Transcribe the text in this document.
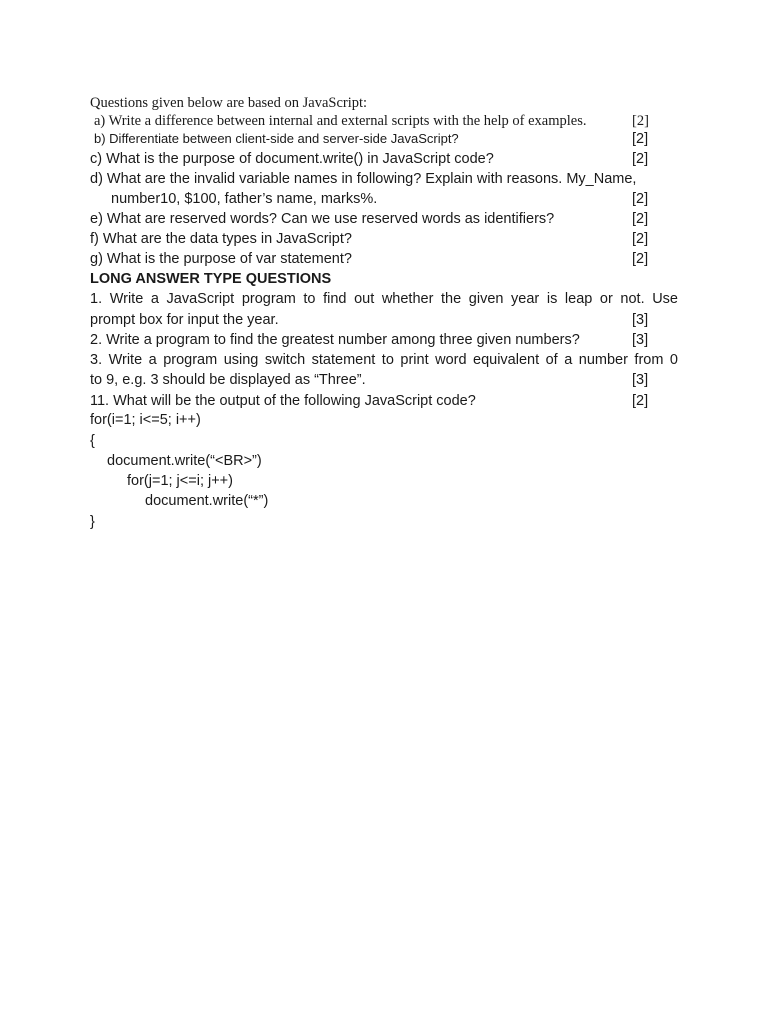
Questions given below are based on JavaScript:
a) Write a difference between internal and external scripts with the help of examples.	[2]
b) Differentiate between client-side and server-side JavaScript?	[2]
c) What is the purpose of document.write() in JavaScript code?	[2]
d) What are the invalid variable names in following? Explain with reasons. My_Name,
number10, $100, father’s name, marks%.	[2]
e) What are reserved words? Can we use reserved words as identifiers?	[2]
f) What are the data types in JavaScript?	[2]
g) What is the purpose of var statement?	[2]
LONG ANSWER TYPE QUESTIONS
1. Write a JavaScript program to find out whether the given year is leap or not. Use
prompt box for input the year.	[3]
2. Write a program to find the greatest number among three given numbers?	[3]
3. Write a program using switch statement to print word equivalent of a number from 0
to 9, e.g. 3 should be displayed as “Three”.	[3]
11. What will be the output of the following JavaScript code?	[2]
for(i=1; i<=5; i++)
{
document.write(“<BR>”)
for(j=1; j<=i; j++)
document.write(“*”)
}
